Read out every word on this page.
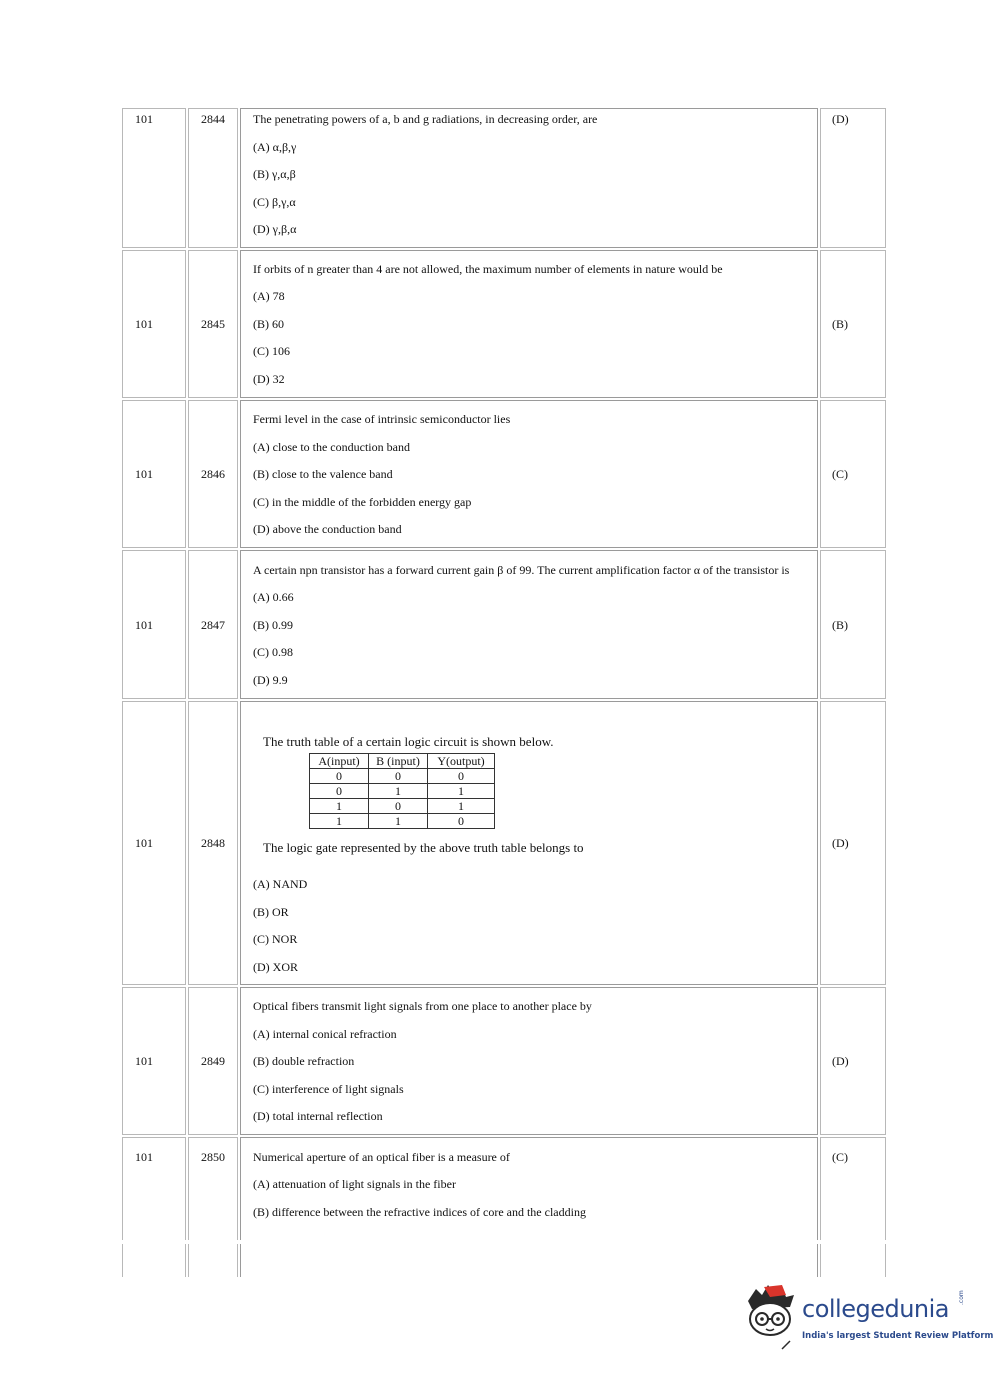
101	2844 The penetrating powers of a, b and g radiations, in decreasing order, are
(A) α,β,γ
(B) γ,α,β
(C) β,γ,α
(D) γ,β,α
(D)
101	2845
If orbits of n greater than 4 are not allowed, the maximum number of elements in nature would be
(A) 78
(B) 60
(C) 106
(D) 32
(B)
101	2846
Fermi level in the case of intrinsic semiconductor lies
(A) close to the conduction band
(B) close to the valence band
(C) in the middle of the forbidden energy gap
(D) above the conduction band
(C)
101	2847
A certain npn transistor has a forward current gain β of 99. The current amplification factor α of the transistor is
(A) 0.66
(B) 0.99
(C) 0.98
(D) 9.9
(B)
101	2848
The truth table of a certain logic circuit is shown below.
A(input)	B (input)	Y(output)
0	0	0
0	1	1
1	0	1
1	1	0
The logic gate represented by the above truth table belongs to
(A) NAND
(B) OR
(C) NOR
(D) XOR
(D)
101	2849
Optical fibers transmit light signals from one place to another place by
(A) internal conical refraction
(B) double refraction
(C) interference of light signals
(D) total internal reflection
(D)
101	2850 Numerical aperture of an optical fiber is a measure of
(A) attenuation of light signals in the fiber
(B) difference between the refractive indices of core and the cladding
(C)
collegedunia .com
India's largest Student Review Platform
